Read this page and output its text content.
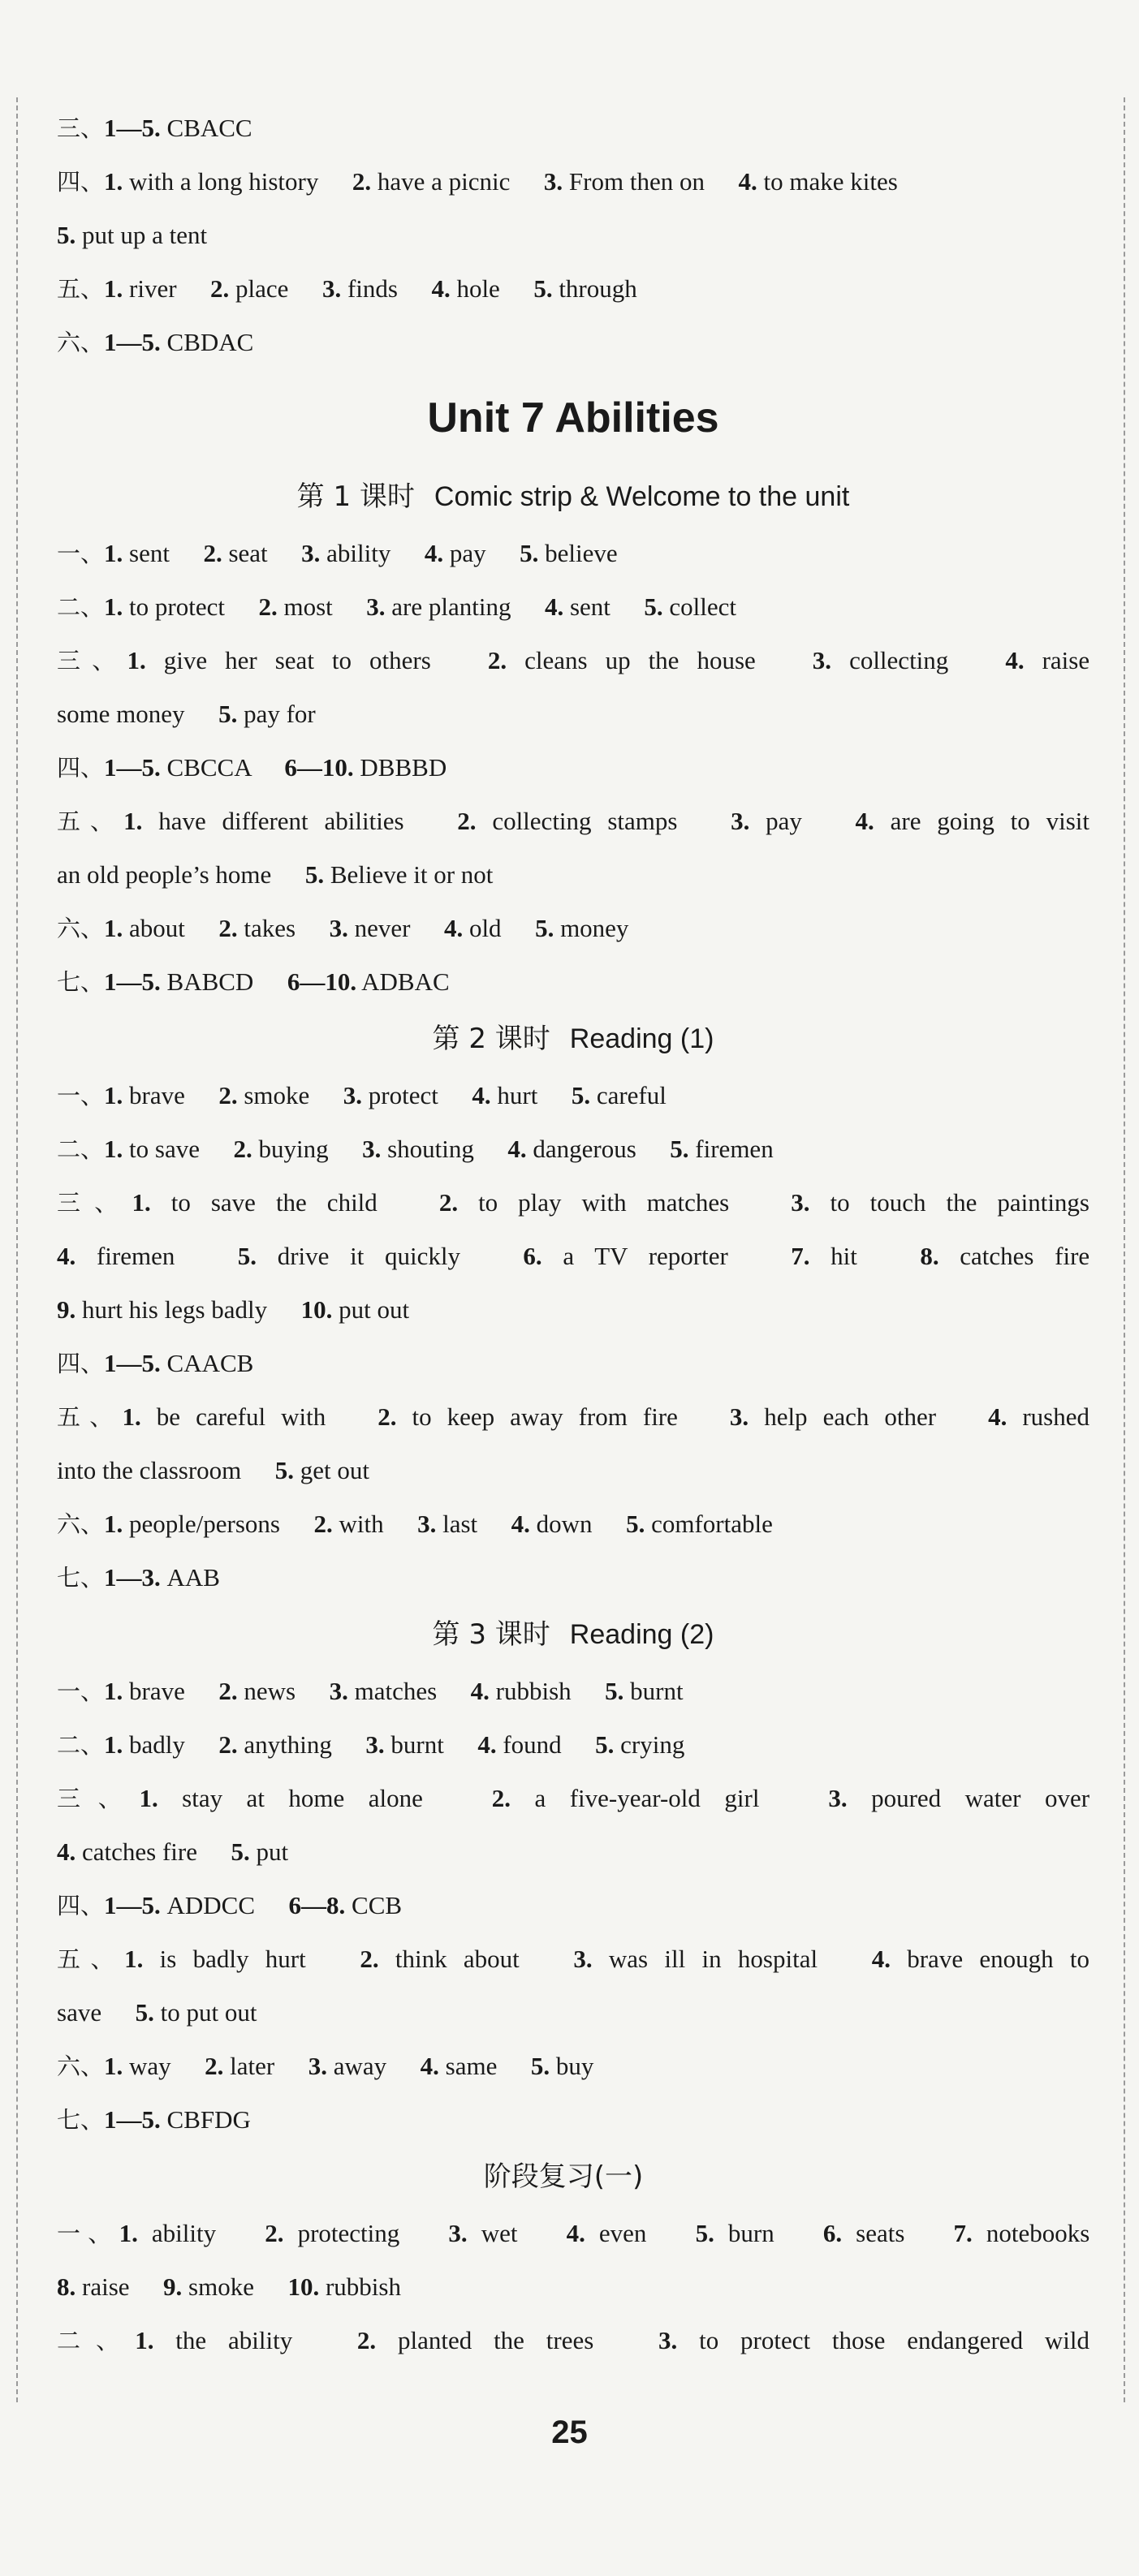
三、1—5. CBACC
四、1. with a long history 2. have a picnic 3. From then on 4. to make kites
5. put up a tent
五、1. river 2. place 3. finds 4. hole 5. through
六、1—5. CBDAC
Unit 7 Abilities
第 1 课时 Comic strip & Welcome to the unit
一、1. sent 2. seat 3. ability 4. pay 5. believe
二、1. to protect 2. most 3. are planting 4. sent 5. collect
三、1. give her seat to others 2. cleans up the house 3. collecting 4. raise
some money 5. pay for
四、1—5. CBCCA 6—10. DBBBD
五、1. have different abilities 2. collecting stamps 3. pay 4. are going to visit
an old people’s home 5. Believe it or not
六、1. about 2. takes 3. never 4. old 5. money
七、1—5. BABCD 6—10. ADBAC
第 2 课时 Reading (1)
一、1. brave 2. smoke 3. protect 4. hurt 5. careful
二、1. to save 2. buying 3. shouting 4. dangerous 5. firemen
三、1. to save the child 2. to play with matches 3. to touch the paintings
4. firemen 5. drive it quickly 6. a TV reporter 7. hit 8. catches fire
9. hurt his legs badly 10. put out
四、1—5. CAACB
五、1. be careful with 2. to keep away from fire 3. help each other 4. rushed
into the classroom 5. get out
六、1. people/persons 2. with 3. last 4. down 5. comfortable
七、1—3. AAB
第 3 课时 Reading (2)
一、1. brave 2. news 3. matches 4. rubbish 5. burnt
二、1. badly 2. anything 3. burnt 4. found 5. crying
三、1. stay at home alone	2. a five-year-old girl	3. poured water over
4. catches fire 5. put
四、1—5. ADDCC 6—8. CCB
五、1. is badly hurt 2. think about 3. was ill in hospital 4. brave enough to
save 5. to put out
六、1. way 2. later 3. away 4. same 5. buy
七、1—5. CBFDG
阶段复习(一)
一、1. ability 2. protecting 3. wet 4. even 5. burn 6. seats 7. notebooks
8. raise 9. smoke 10. rubbish
二、1. the ability	2. planted the trees	3. to protect those endangered wild
25
